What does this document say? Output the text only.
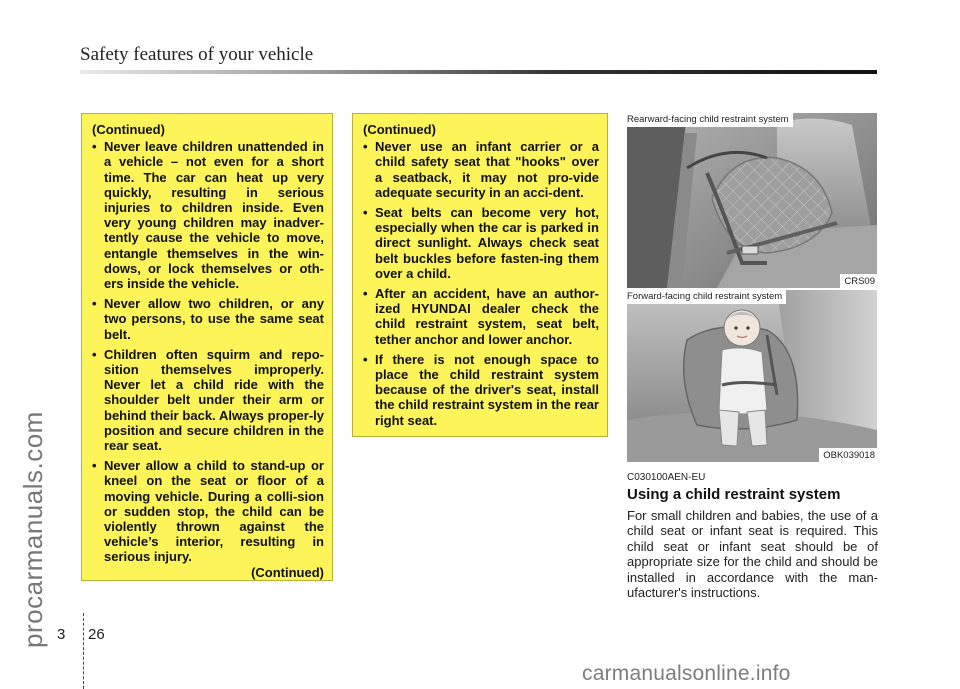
Safety features of your vehicle
procarmanuals.com
(Continued)
• Never leave children unattended in a vehicle – not even for a short time. The car can heat up very quickly, resulting in serious injuries to children inside. Even very young children may inadver-tently cause the vehicle to move, entangle themselves in the win-dows, or lock themselves or oth-ers inside the vehicle.
• Never allow two children, or any two persons, to use the same seat belt.
• Children often squirm and repo-sition themselves improperly. Never let a child ride with the shoulder belt under their arm or behind their back. Always proper-ly position and secure children in the rear seat.
• Never allow a child to stand-up or kneel on the seat or floor of a moving vehicle. During a colli-sion or sudden stop, the child can be violently thrown against the vehicle’s interior, resulting in serious injury.
(Continued)
(Continued)
• Never use an infant carrier or a child safety seat that "hooks" over a seatback, it may not pro-vide adequate security in an acci-dent.
• Seat belts can become very hot, especially when the car is parked in direct sunlight. Always check seat belt buckles before fasten-ing them over a child.
• After an accident, have an author-ized HYUNDAI dealer check the child restraint system, seat belt, tether anchor and lower anchor.
• If there is not enough space to place the child restraint system because of the driver's seat, install the child restraint system in the rear right seat.
Rearward-facing child restraint system
CRS09
Forward-facing child restraint system
OBK039018
C030100AEN-EU
Using a child restraint system
For small children and babies, the use of a child seat or infant seat is required. This child seat or infant seat should be of appropriate size for the child and should be installed in accordance with the man-ufacturer's instructions.
3 26
carmanualsonline.info
